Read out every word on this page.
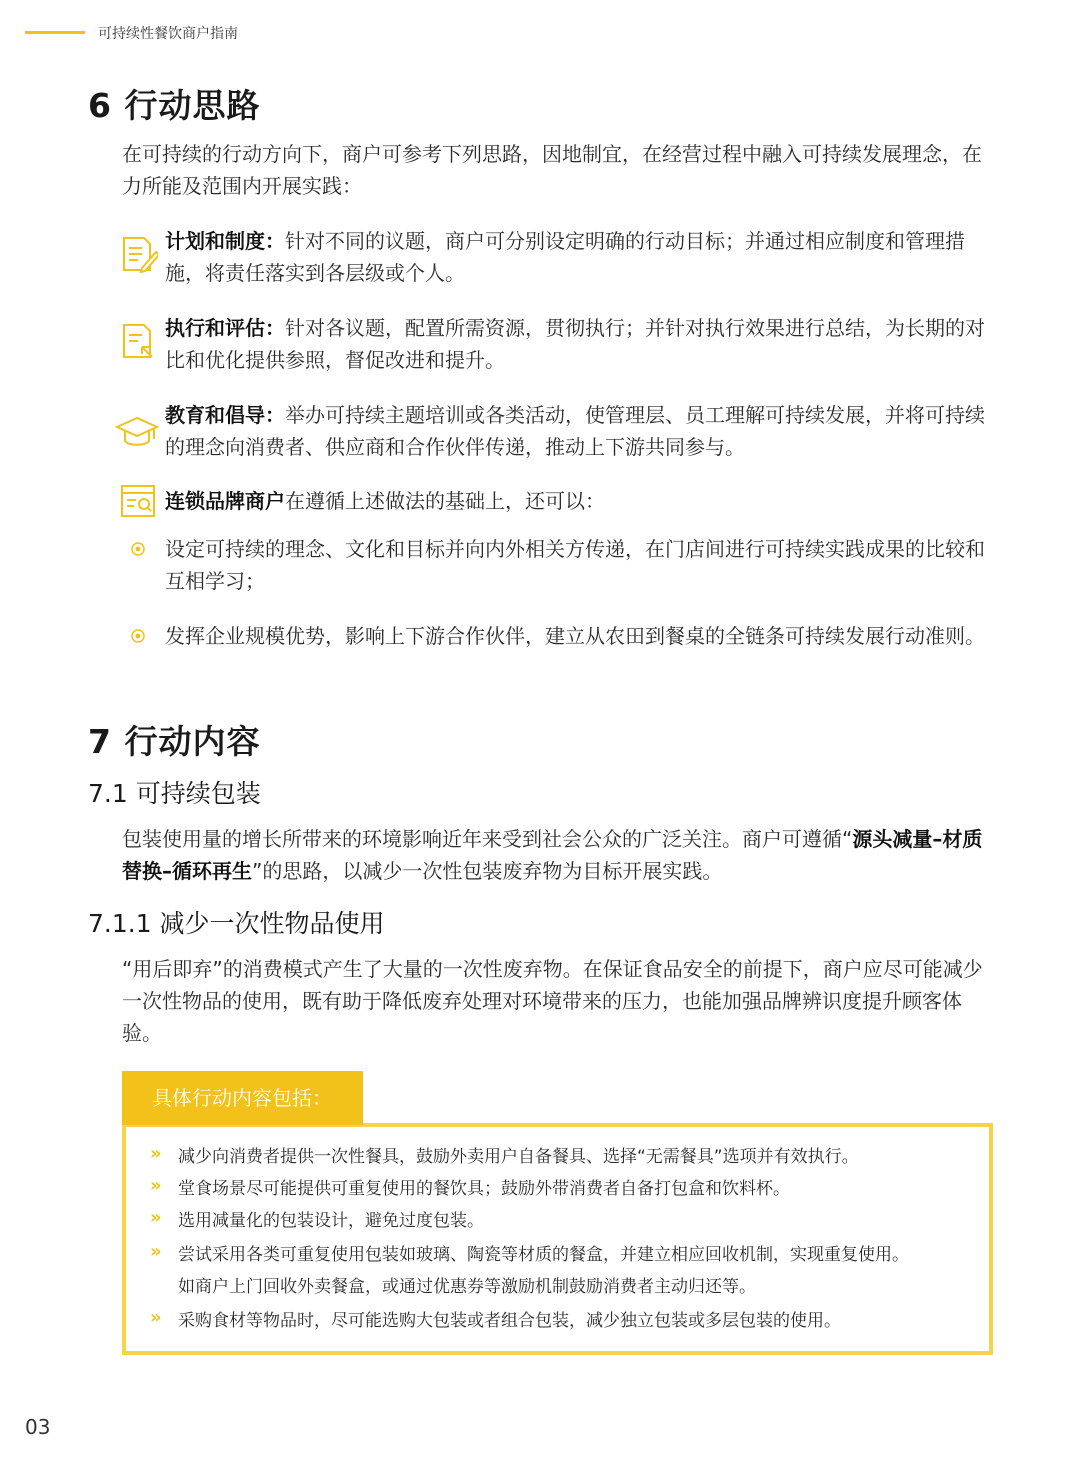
可持续性餐饮商户指南
6 行动思路

在可持续的行动方向下，商户可参考下列思路，因地制宜，在经营过程中融入可持续发展理念，在力所能及范围内开展实践：

计划和制度：针对不同的议题，商户可分别设定明确的行动目标；并通过相应制度和管理措施，将责任落实到各层级或个人。

执行和评估：针对各议题，配置所需资源，贯彻执行；并针对执行效果进行总结，为长期的对比和优化提供参照，督促改进和提升。

教育和倡导：举办可持续主题培训或各类活动，使管理层、员工理解可持续发展，并将可持续的理念向消费者、供应商和合作伙伴传递，推动上下游共同参与。

连锁品牌商户在遵循上述做法的基础上，还可以：

设定可持续的理念、文化和目标并向内外相关方传递，在门店间进行可持续实践成果的比较和互相学习；

发挥企业规模优势，影响上下游合作伙伴，建立从农田到餐桌的全链条可持续发展行动准则。

7 行动内容
7.1 可持续包装

包装使用量的增长所带来的环境影响近年来受到社会公众的广泛关注。商户可遵循“源头减量–材质替换–循环再生”的思路，以减少一次性包装废弃物为目标开展实践。

7.1.1 减少一次性物品使用

“用后即弃”的消费模式产生了大量的一次性废弃物。在保证食品安全的前提下，商户应尽可能减少一次性物品的使用，既有助于降低废弃处理对环境带来的压力，也能加强品牌辨识度提升顾客体验。

具体行动内容包括：
» 减少向消费者提供一次性餐具，鼓励外卖用户自备餐具、选择“无需餐具”选项并有效执行。
» 堂食场景尽可能提供可重复使用的餐饮具；鼓励外带消费者自备打包盒和饮料杯。
» 选用减量化的包装设计，避免过度包装。
» 尝试采用各类可重复使用包装如玻璃、陶瓷等材质的餐盒，并建立相应回收机制，实现重复使用。如商户上门回收外卖餐盒，或通过优惠券等激励机制鼓励消费者主动归还等。
» 采购食材等物品时，尽可能选购大包装或者组合包装，减少独立包装或多层包装的使用。
03
